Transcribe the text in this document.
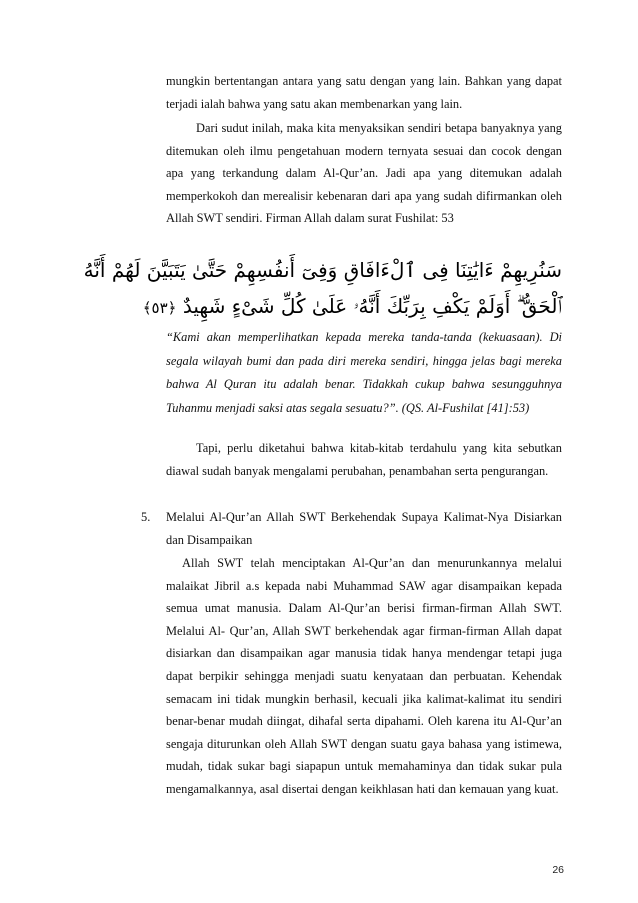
mungkin bertentangan antara yang satu dengan yang lain. Bahkan yang dapat terjadi ialah bahwa yang satu akan membenarkan yang lain.

Dari sudut inilah, maka kita menyaksikan sendiri betapa banyaknya yang ditemukan oleh ilmu pengetahuan modern ternyata sesuai dan cocok dengan apa yang terkandung dalam Al-Qur’an. Jadi apa yang ditemukan adalah memperkokoh dan merealisir kebenaran dari apa yang sudah difirmankan oleh Allah SWT sendiri. Firman Allah dalam surat Fushilat: 53

سَنُرِيهِمْ ءَايَٰتِنَا فِى ٱلْءَافَاقِ وَفِىٓ أَنفُسِهِمْ حَتَّىٰ يَتَبَيَّنَ لَهُمْ أَنَّهُ
ٱلْحَقُّ ۗ أَوَلَمْ يَكْفِ بِرَبِّكَ أَنَّهُۥ عَلَىٰ كُلِّ شَىْءٍ شَهِيدٌ ﴿٥٣﴾

“Kami akan memperlihatkan kepada mereka tanda-tanda (kekuasaan). Di segala wilayah bumi dan pada diri mereka sendiri, hingga jelas bagi mereka bahwa Al Quran itu adalah benar. Tidakkah cukup bahwa sesungguhnya Tuhanmu menjadi saksi atas segala sesuatu?”. (QS. Al-Fushilat [41]:53)

Tapi, perlu diketahui bahwa kitab-kitab terdahulu yang kita sebutkan diawal sudah banyak mengalami perubahan, penambahan serta pengurangan.

5. Melalui Al-Qur’an Allah SWT Berkehendak Supaya Kalimat-Nya Disiarkan dan Disampaikan

Allah SWT telah menciptakan Al-Qur’an dan menurunkannya melalui malaikat Jibril a.s kepada nabi Muhammad SAW agar disampaikan kepada semua umat manusia. Dalam Al-Qur’an berisi firman-firman Allah SWT. Melalui Al- Qur’an, Allah SWT berkehendak agar firman-firman Allah dapat disiarkan dan disampaikan agar manusia tidak hanya mendengar tetapi juga dapat berpikir sehingga menjadi suatu kenyataan dan perbuatan. Kehendak semacam ini tidak mungkin berhasil, kecuali jika kalimat-kalimat itu sendiri benar-benar mudah diingat, dihafal serta dipahami. Oleh karena itu Al-Qur’an sengaja diturunkan oleh Allah SWT dengan suatu gaya bahasa yang istimewa, mudah, tidak sukar bagi siapapun untuk memahaminya dan tidak sukar pula mengamalkannya, asal disertai dengan keikhlasan hati dan kemauan yang kuat.

26
